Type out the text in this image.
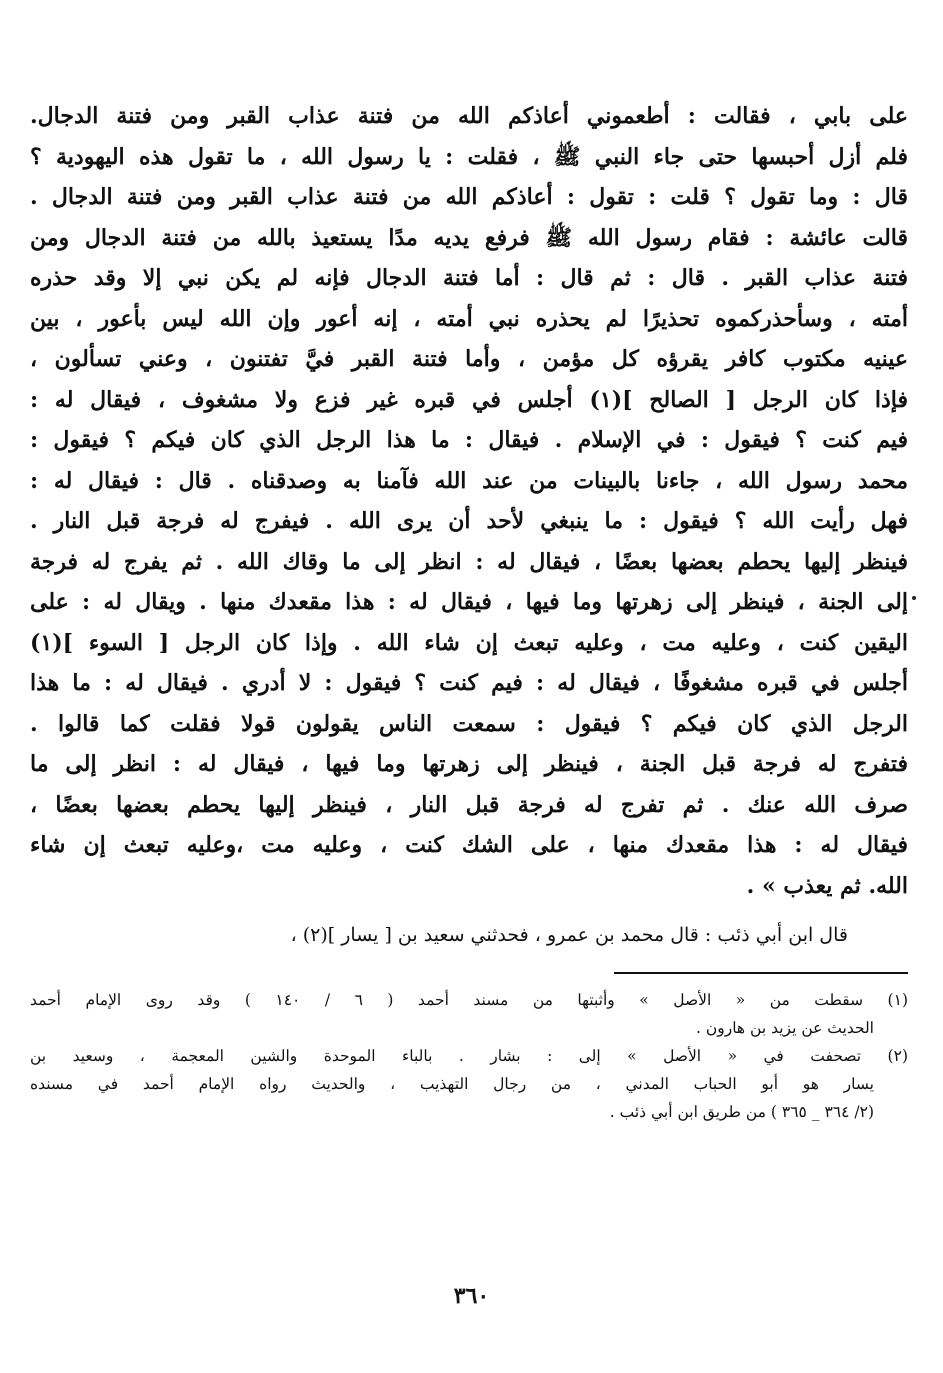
على بابي ، فقالت : أطعموني أعاذكم الله من فتنة عذاب القبر ومن فتنة الدجال.
فلم أزل أحبسها حتى جاء النبي ﷺ ، فقلت : يا رسول الله ، ما تقول هذه اليهودية ؟
قال : وما تقول ؟ قلت : تقول : أعاذكم الله من فتنة عذاب القبر ومن فتنة الدجال .
قالت عائشة : فقام رسول الله ﷺ فرفع يديه مدًا يستعيذ بالله من فتنة الدجال ومن
فتنة عذاب القبر . قال : ثم قال : أما فتنة الدجال فإنه لم يكن نبي إلا وقد حذره
أمته ، وسأحذركموه تحذيرًا لم يحذره نبي أمته ، إنه أعور وإن الله ليس بأعور ، بين
عينيه مكتوب كافر يقرؤه كل مؤمن ، وأما فتنة القبر فيَّ تفتنون ، وعني تسألون ،
فإذا كان الرجل [ الصالح ](١) أجلس في قبره غير فزع ولا مشغوف ، فيقال له :
فيم كنت ؟ فيقول : في الإسلام . فيقال : ما هذا الرجل الذي كان فيكم ؟ فيقول :
محمد رسول الله ، جاءنا بالبينات من عند الله فآمنا به وصدقناه . قال : فيقال له :
فهل رأيت الله ؟ فيقول : ما ينبغي لأحد أن يرى الله . فيفرج له فرجة قبل النار .
فينظر إليها يحطم بعضها بعضًا ، فيقال له : انظر إلى ما وقاك الله . ثم يفرج له فرجة
إلى الجنة ، فينظر إلى زهرتها وما فيها ، فيقال له : هذا مقعدك منها . ويقال له : على
اليقين كنت ، وعليه مت ، وعليه تبعث إن شاء الله . وإذا كان الرجل [ السوء ](١)
أجلس في قبره مشغوفًا ، فيقال له : فيم كنت ؟ فيقول : لا أدري . فيقال له : ما هذا
الرجل الذي كان فيكم ؟ فيقول : سمعت الناس يقولون قولا فقلت كما قالوا .
فتفرج له فرجة قبل الجنة ، فينظر إلى زهرتها وما فيها ، فيقال له : انظر إلى ما
صرف الله عنك . ثم تفرج له فرجة قبل النار ، فينظر إليها يحطم بعضها بعضًا ،
فيقال له : هذا مقعدك منها ، على الشك كنت ، وعليه مت ،وعليه تبعث إن شاء
الله. ثم يعذب » .
قال ابن أبي ذئب : قال محمد بن عمرو ، فحدثني سعيد بن [ يسار ](٢) ،
(١) سقطت من « الأصل » وأثبتها من مسند أحمد ( ٦ / ١٤٠ ) وقد روى الإمام أحمد
الحديث عن يزيد بن هارون .
(٢) تصحفت في « الأصل » إلى : بشار . بالباء الموحدة والشين المعجمة ، وسعيد بن
يسار هو أبو الحباب المدني ، من رجال التهذيب ، والحديث رواه الإمام أحمد في مسنده
(٢/ ٣٦٤ _ ٣٦٥ ) من طريق ابن أبي ذئب .
٣٦٠
